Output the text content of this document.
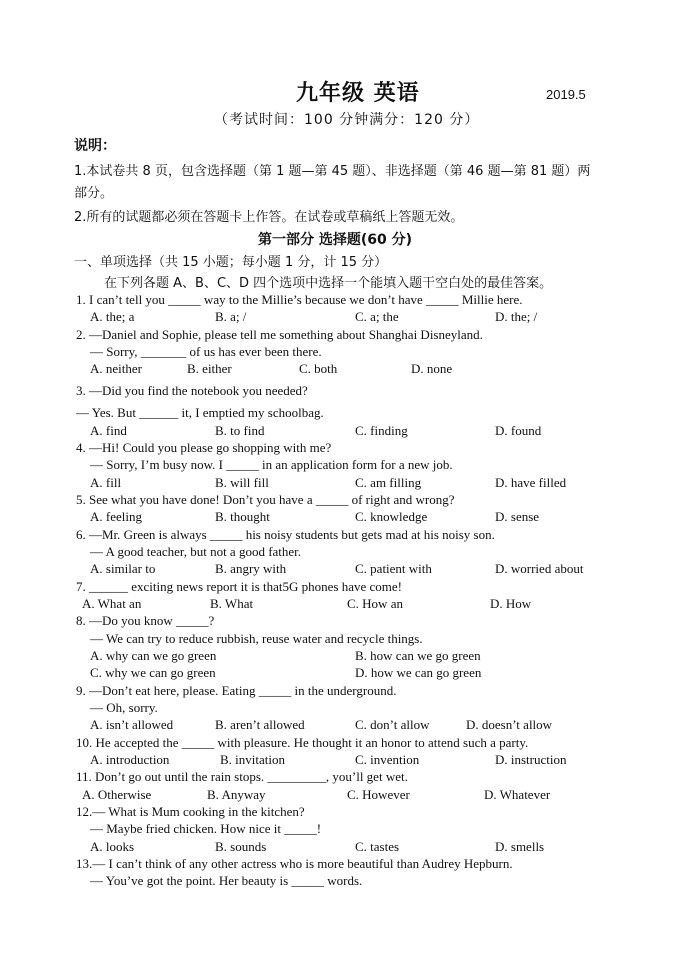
九年级 英语	2019.5
（考试时间：100 分钟满分：120 分）
说明：
1.本试卷共 8 页，包含选择题（第 1 题—第 45 题）、非选择题（第 46 题—第 81 题）两
部分。
2.所有的试题都必须在答题卡上作答。在试卷或草稿纸上答题无效。
第一部分 选择题(60 分)
一、单项选择（共 15 小题；每小题 1 分，计 15 分）
在下列各题 A、B、C、D 四个选项中选择一个能填入题干空白处的最佳答案。
1. I can’t tell you _____ way to the Millie’s because we don’t have _____ Millie here.
A. the; a	B. a; /	C. a; the	D. the; /
2. —Daniel and Sophie, please tell me something about Shanghai Disneyland.
— Sorry, _______ of us has ever been there.
A. neither	B. either	C. both	D. none
3. —Did you find the notebook you needed?
— Yes. But ______ it, I emptied my schoolbag.
A. find	B. to find	C. finding	D. found
4. —Hi! Could you please go shopping with me?
— Sorry, I’m busy now. I _____ in an application form for a new job.
A. fill	B. will fill	C. am filling	D. have filled
5. See what you have done! Don’t you have a _____ of right and wrong?
A. feeling	B. thought	C. knowledge	D. sense
6. —Mr. Green is always _____ his noisy students but gets mad at his noisy son.
— A good teacher, but not a good father.
A. similar to	B. angry with	C. patient with	D. worried about
7. ______ exciting news report it is that5G phones have come!
A. What an	B. What	C. How an	D. How
8. —Do you know _____?
— We can try to reduce rubbish, reuse water and recycle things.
A. why can we go green	B. how can we go green
C. why we can go green	D. how we can go green
9. —Don’t eat here, please. Eating _____ in the underground.
— Oh, sorry.
A. isn’t allowed	B. aren’t allowed	C. don’t allow	D. doesn’t allow
10. He accepted the _____ with pleasure. He thought it an honor to attend such a party.
A. introduction	B. invitation	C. invention	D. instruction
11. Don’t go out until the rain stops. _________, you’ll get wet.
A. Otherwise	B. Anyway	C. However	D. Whatever
12.— What is Mum cooking in the kitchen?
— Maybe fried chicken. How nice it _____!
A. looks	B. sounds	C. tastes	D. smells
13.— I can’t think of any other actress who is more beautiful than Audrey Hepburn.
— You’ve got the point. Her beauty is _____ words.
